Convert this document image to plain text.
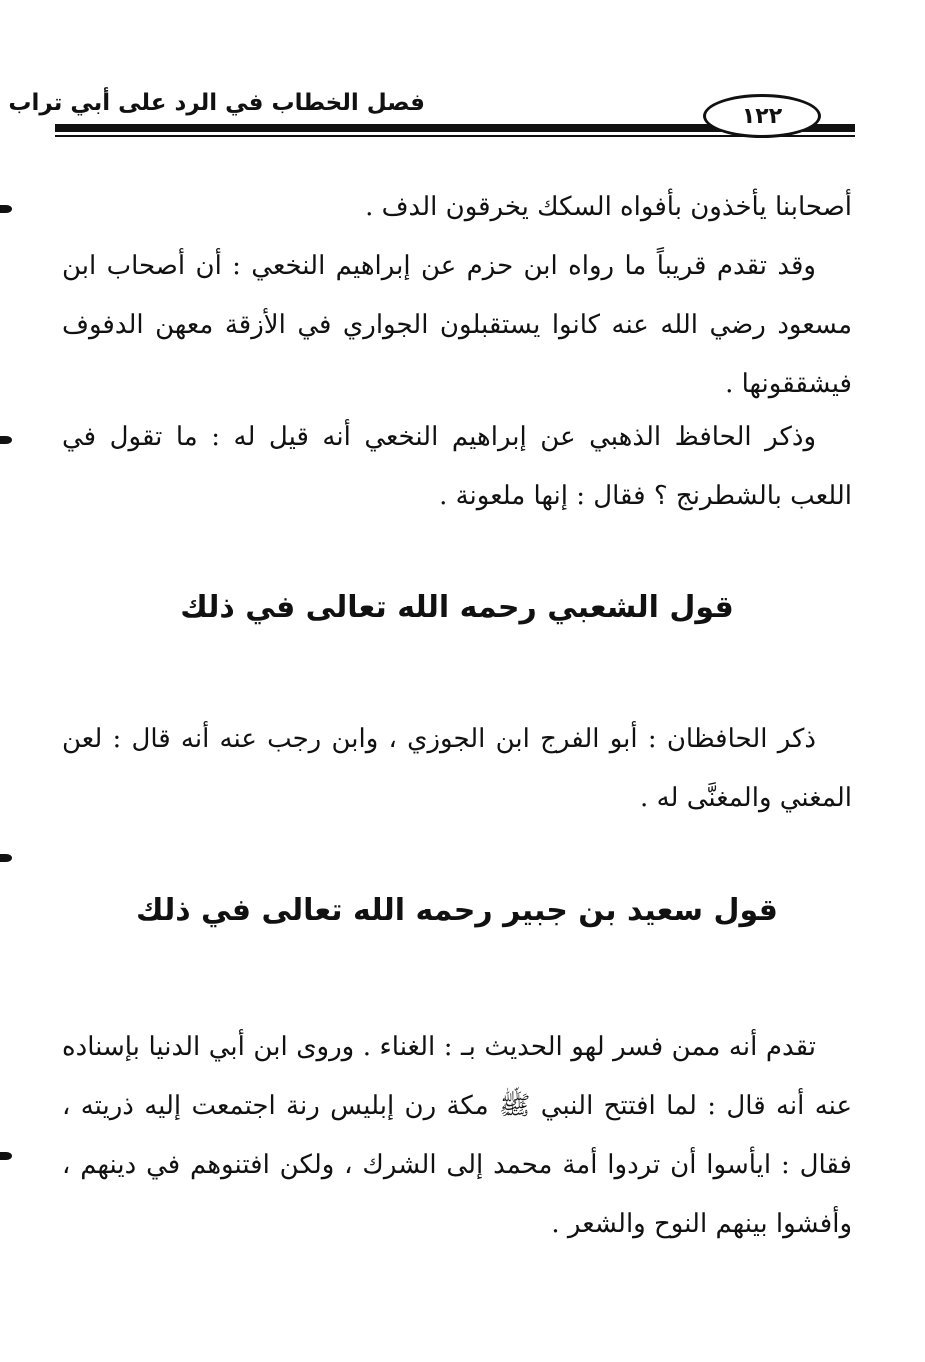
فصل الخطاب في الرد على أبي تراب	١٢٢

أصحابنا يأخذون بأفواه السكك يخرقون الدف .

وقد تقدم قريباً ما رواه ابن حزم عن إبراهيم النخعي : أن أصحاب ابن مسعود رضي الله عنه كانوا يستقبلون الجواري في الأزقة معهن الدفوف فيشققونها .

وذكر الحافظ الذهبي عن إبراهيم النخعي أنه قيل له : ما تقول في اللعب بالشطرنج ؟ فقال : إنها ملعونة .

قول الشعبي رحمه الله تعالى في ذلك

ذكر الحافظان : أبو الفرج ابن الجوزي ، وابن رجب عنه أنه قال : لعن المغني والمغنَّى له .

قول سعيد بن جبير رحمه الله تعالى في ذلك

تقدم أنه ممن فسر لهو الحديث بـ : الغناء . وروى ابن أبي الدنيا بإسناده عنه أنه قال : لما افتتح النبي ﷺ مكة رن إبليس رنة اجتمعت إليه ذريته ، فقال : ايأسوا أن تردوا أمة محمد إلى الشرك ، ولكن افتنوهم في دينهم ، وأفشوا بينهم النوح والشعر .
